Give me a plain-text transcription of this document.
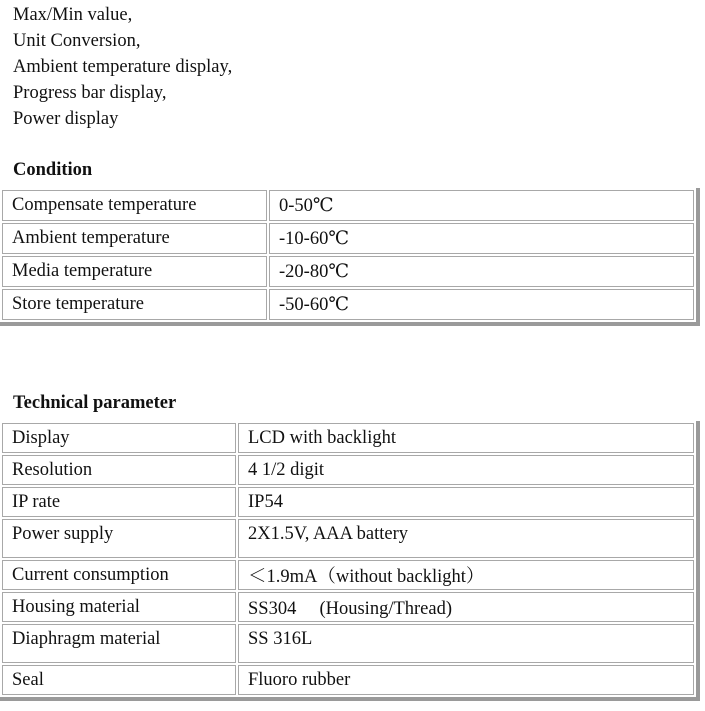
Max/Min value,
Unit Conversion,
Ambient temperature display,
Progress bar display,
Power display
Condition
Compensate temperature	0-50℃
Ambient temperature	-10-60℃
Media temperature	-20-80℃
Store temperature	-50-60℃
Technical parameter
Display	LCD with backlight
Resolution	4 1/2 digit
IP rate	IP54
Power supply	2X1.5V, AAA battery
Current consumption	＜1.9mA（without backlight）
Housing material	SS304 　(Housing/Thread)
Diaphragm material	SS 316L
Seal	Fluoro rubber
